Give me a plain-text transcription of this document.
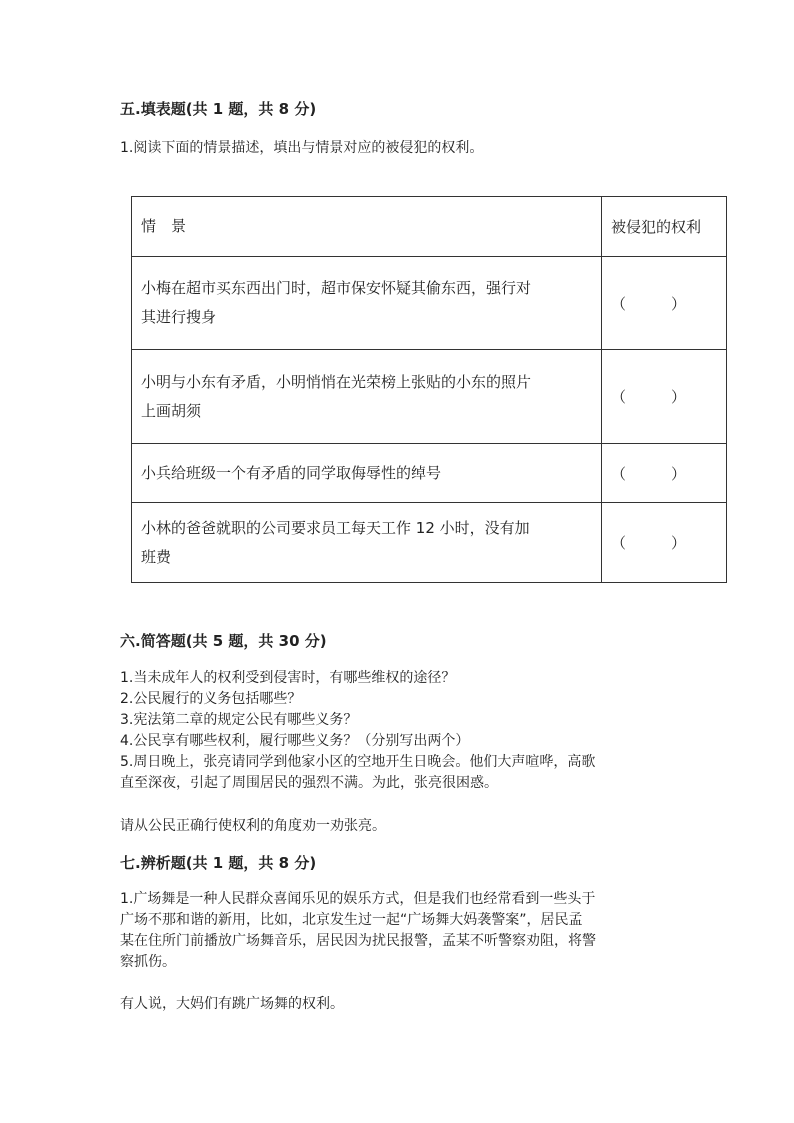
五.填表题(共 1 题，共 8 分)
1.阅读下面的情景描述，填出与情景对应的被侵犯的权利。
情　景	被侵犯的权利

小梅在超市买东西出门时，超市保安怀疑其偷东西，强行对
其进行搜身	（　　　）

小明与小东有矛盾，小明悄悄在光荣榜上张贴的小东的照片
上画胡须	（　　　）

小兵给班级一个有矛盾的同学取侮辱性的绰号	（　　　）

小林的爸爸就职的公司要求员工每天工作 12 小时，没有加
班费	（　　　）
六.简答题(共 5 题，共 30 分)
1.当未成年人的权利受到侵害时，有哪些维权的途径？
2.公民履行的义务包括哪些？
3.宪法第二章的规定公民有哪些义务？
4.公民享有哪些权利，履行哪些义务？（分别写出两个）
5.周日晚上，张亮请同学到他家小区的空地开生日晚会。他们大声喧哗，高歌
直至深夜，引起了周围居民的强烈不满。为此，张亮很困惑。
请从公民正确行使权利的角度劝一劝张亮。
七.辨析题(共 1 题，共 8 分)
1.广场舞是一种人民群众喜闻乐见的娱乐方式，但是我们也经常看到一些头于
广场不那和谐的新用，比如，北京发生过一起“广场舞大妈袭警案”，居民孟
某在住所门前播放广场舞音乐，居民因为扰民报警，孟某不听警察劝阻，将警
察抓伤。
有人说，大妈们有跳广场舞的权利。
